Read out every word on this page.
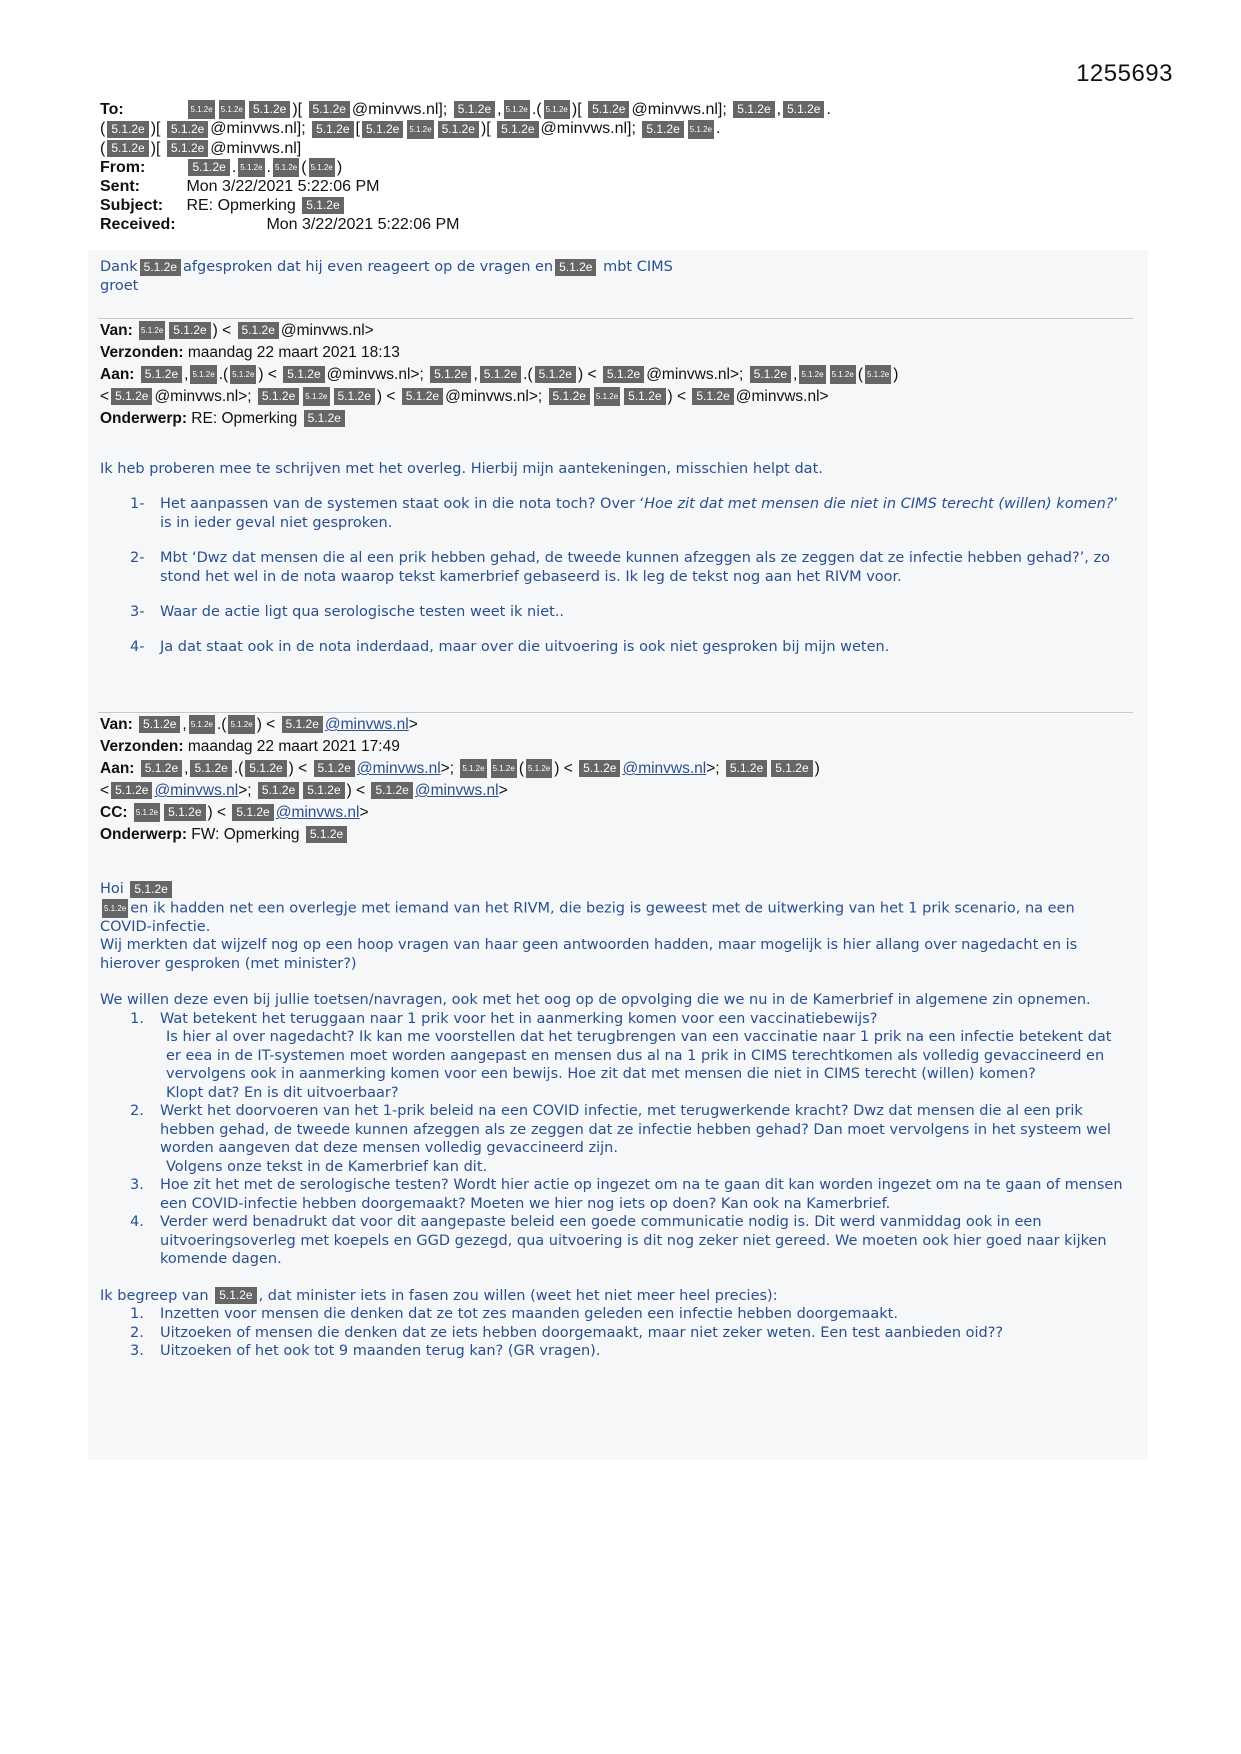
1255693
To:	5.1.2e 5.1.2e 5.1.2e )[ 5.1.2e @minvws.nl]; 5.1.2e , 5.1.2e .( 5.1.2e )[ 5.1.2e @minvws.nl]; 5.1.2e , 5.1.2e .
( 5.1.2e )[ 5.1.2e @minvws.nl]; 5.1.2e [ 5.1.2e 5.1.2e 5.1.2e )[ 5.1.2e @minvws.nl]; 5.1.2e 5.1.2e .
( 5.1.2e )[ 5.1.2e @minvws.nl]
From:	5.1.2e . 5.1.2e . 5.1.2e ( 5.1.2e )
Sent:	Mon 3/22/2021 5:22:06 PM
Subject: RE: Opmerking 5.1.2e
Received:	Mon 3/22/2021 5:22:06 PM
Dank 5.1.2e afgesproken dat hij even reageert op de vragen en 5.1.2e mbt CIMS
groet
Van: 5.1.2e 5.1.2e ) < 5.1.2e @minvws.nl>
Verzonden: maandag 22 maart 2021 18:13
Aan: 5.1.2e , 5.1.2e .( 5.1.2e ) < 5.1.2e @minvws.nl>; 5.1.2e , 5.1.2e .( 5.1.2e ) < 5.1.2e @minvws.nl>; 5.1.2e , 5.1.2e 5.1.2e ( 5.1.2e )
< 5.1.2e @minvws.nl>; 5.1.2e 5.1.2e 5.1.2e ) < 5.1.2e @minvws.nl>; 5.1.2e 5.1.2e 5.1.2e ) < 5.1.2e @minvws.nl>
Onderwerp: RE: Opmerking 5.1.2e
Ik heb proberen mee te schrijven met het overleg. Hierbij mijn aantekeningen, misschien helpt dat.
1- Het aanpassen van de systemen staat ook in die nota toch? Over ‘Hoe zit dat met mensen die niet in CIMS terecht (willen) komen?’ is in ieder geval niet gesproken.
2- Mbt ‘Dwz dat mensen die al een prik hebben gehad, de tweede kunnen afzeggen als ze zeggen dat ze infectie hebben gehad?’, zo stond het wel in de nota waarop tekst kamerbrief gebaseerd is. Ik leg de tekst nog aan het RIVM voor.
3- Waar de actie ligt qua serologische testen weet ik niet..
4- Ja dat staat ook in de nota inderdaad, maar over die uitvoering is ook niet gesproken bij mijn weten.
Van: 5.1.2e , 5.1.2e .( 5.1.2e ) < 5.1.2e @minvws.nl>
Verzonden: maandag 22 maart 2021 17:49
Aan: 5.1.2e , 5.1.2e .( 5.1.2e ) < 5.1.2e @minvws.nl>; 5.1.2e 5.1.2e ( 5.1.2e ) < 5.1.2e @minvws.nl>; 5.1.2e 5.1.2e )
< 5.1.2e @minvws.nl>; 5.1.2e 5.1.2e ) < 5.1.2e @minvws.nl>
CC: 5.1.2e 5.1.2e ) < 5.1.2e @minvws.nl>
Onderwerp: FW: Opmerking 5.1.2e
Hoi 5.1.2e
5.1.2e en ik hadden net een overlegje met iemand van het RIVM, die bezig is geweest met de uitwerking van het 1 prik scenario, na een COVID-infectie.
Wij merkten dat wijzelf nog op een hoop vragen van haar geen antwoorden hadden, maar mogelijk is hier allang over nagedacht en is hierover gesproken (met minister?)
We willen deze even bij jullie toetsen/navragen, ook met het oog op de opvolging die we nu in de Kamerbrief in algemene zin opnemen.
1. Wat betekent het teruggaan naar 1 prik voor het in aanmerking komen voor een vaccinatiebewijs?
Is hier al over nagedacht? Ik kan me voorstellen dat het terugbrengen van een vaccinatie naar 1 prik na een infectie betekent dat er eea in de IT-systemen moet worden aangepast en mensen dus al na 1 prik in CIMS terechtkomen als volledig gevaccineerd en vervolgens ook in aanmerking komen voor een bewijs. Hoe zit dat met mensen die niet in CIMS terecht (willen) komen?
Klopt dat? En is dit uitvoerbaar?
2. Werkt het doorvoeren van het 1-prik beleid na een COVID infectie, met terugwerkende kracht? Dwz dat mensen die al een prik hebben gehad, de tweede kunnen afzeggen als ze zeggen dat ze infectie hebben gehad? Dan moet vervolgens in het systeem wel worden aangeven dat deze mensen volledig gevaccineerd zijn.
Volgens onze tekst in de Kamerbrief kan dit.
3. Hoe zit het met de serologische testen? Wordt hier actie op ingezet om na te gaan dit kan worden ingezet om na te gaan of mensen een COVID-infectie hebben doorgemaakt? Moeten we hier nog iets op doen? Kan ook na Kamerbrief.
4. Verder werd benadrukt dat voor dit aangepaste beleid een goede communicatie nodig is. Dit werd vanmiddag ook in een uitvoeringsoverleg met koepels en GGD gezegd, qua uitvoering is dit nog zeker niet gereed. We moeten ook hier goed naar kijken komende dagen.
Ik begreep van 5.1.2e , dat minister iets in fasen zou willen (weet het niet meer heel precies):
1. Inzetten voor mensen die denken dat ze tot zes maanden geleden een infectie hebben doorgemaakt.
2. Uitzoeken of mensen die denken dat ze iets hebben doorgemaakt, maar niet zeker weten. Een test aanbieden oid??
3. Uitzoeken of het ook tot 9 maanden terug kan? (GR vragen).
